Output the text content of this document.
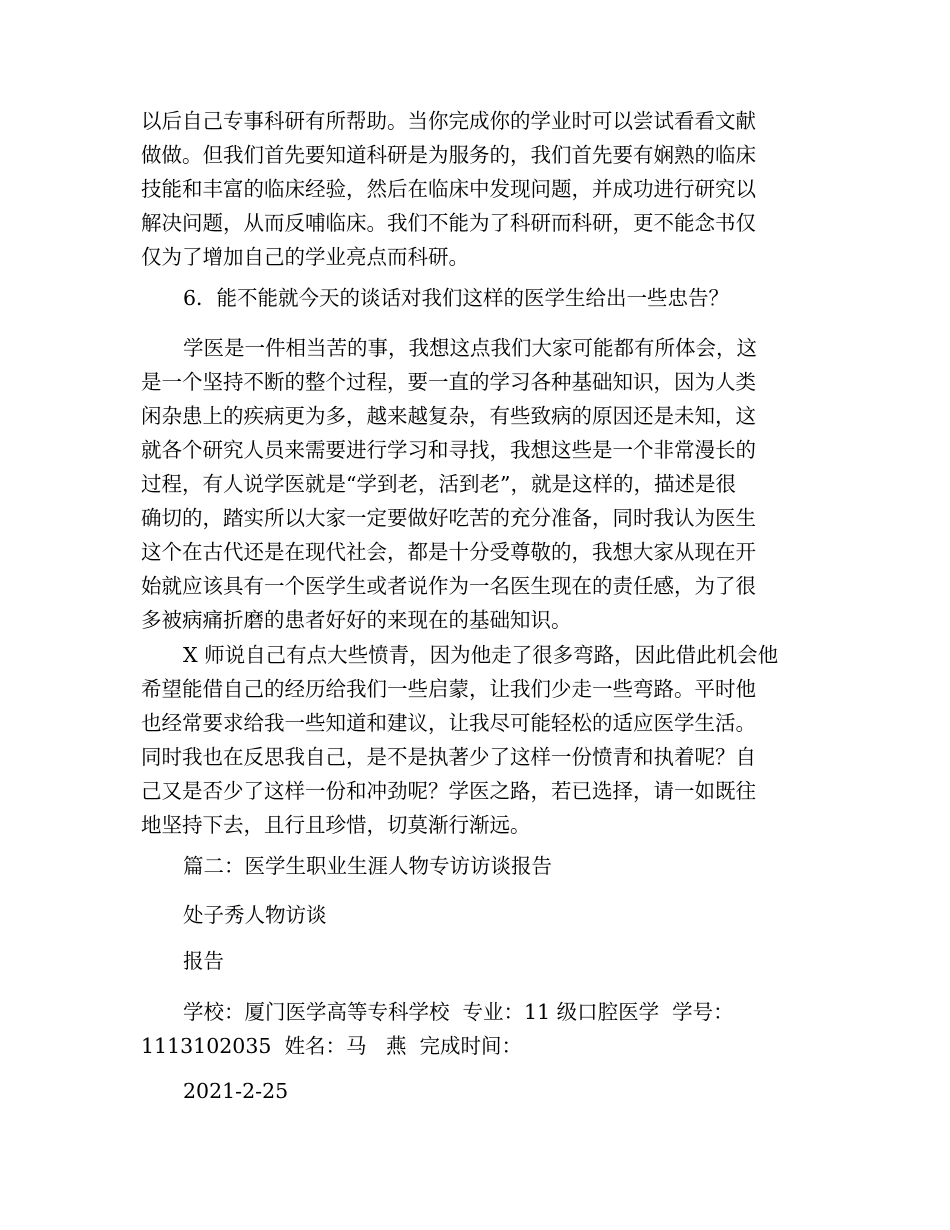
以后自己专事科研有所帮助。当你完成你的学业时可以尝试看看文献
做做。但我们首先要知道科研是为服务的，我们首先要有娴熟的临床
技能和丰富的临床经验，然后在临床中发现问题，并成功进行研究以
解决问题，从而反哺临床。我们不能为了科研而科研，更不能念书仅
仅为了增加自己的学业亮点而科研。
6．能不能就今天的谈话对我们这样的医学生给出一些忠告？
学医是一件相当苦的事，我想这点我们大家可能都有所体会，这
是一个坚持不断的整个过程，要一直的学习各种基础知识，因为人类
闲杂患上的疾病更为多，越来越复杂，有些致病的原因还是未知，这
就各个研究人员来需要进行学习和寻找，我想这些是一个非常漫长的
过程，有人说学医就是“学到老，活到老”，就是这样的，描述是很
确切的，踏实所以大家一定要做好吃苦的充分准备，同时我认为医生
这个在古代还是在现代社会，都是十分受尊敬的，我想大家从现在开
始就应该具有一个医学生或者说作为一名医生现在的责任感，为了很
多被病痛折磨的患者好好的来现在的基础知识。
X 师说自己有点大些愤青，因为他走了很多弯路，因此借此机会他
希望能借自己的经历给我们一些启蒙，让我们少走一些弯路。平时他
也经常要求给我一些知道和建议，让我尽可能轻松的适应医学生活。
同时我也在反思我自己，是不是执著少了这样一份愤青和执着呢？自
己又是否少了这样一份和冲劲呢？学医之路，若已选择，请一如既往
地坚持下去，且行且珍惜，切莫渐行渐远。
篇二：医学生职业生涯人物专访访谈报告
处子秀人物访谈
报告
学校：厦门医学高等专科学校  专业：11 级口腔医学  学号：
1113102035  姓名：马   燕  完成时间：
2021-2-25
